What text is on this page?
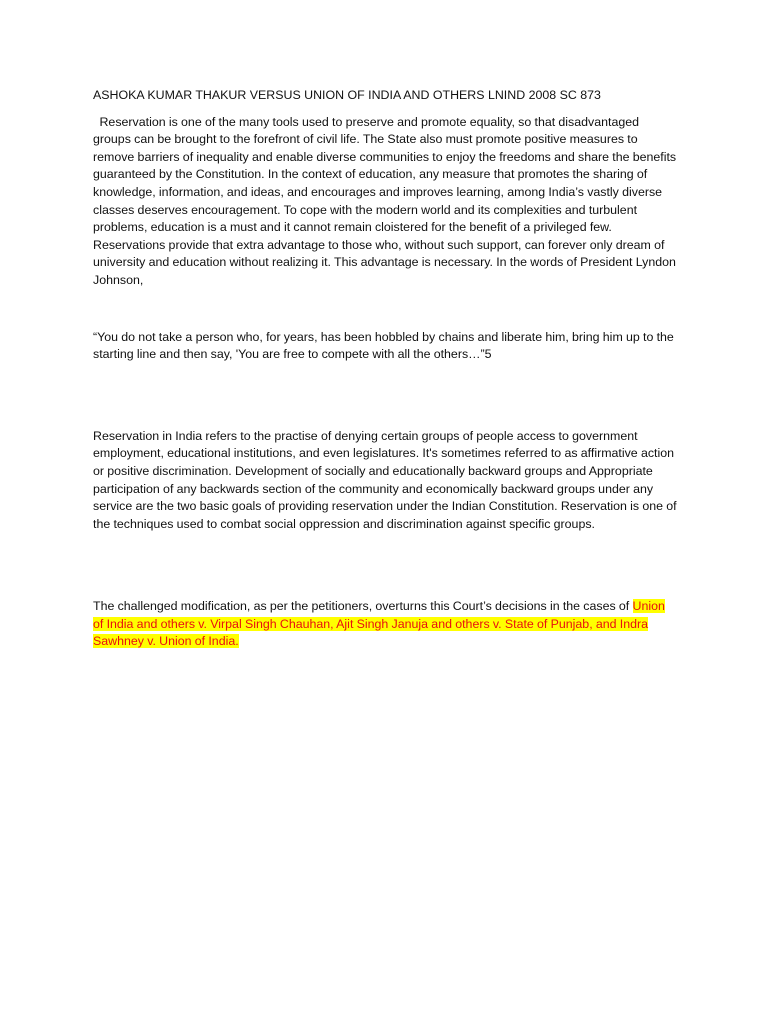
ASHOKA KUMAR THAKUR VERSUS UNION OF INDIA AND OTHERS LNIND 2008 SC 873

Reservation is one of the many tools used to preserve and promote equality, so that disadvantaged groups can be brought to the forefront of civil life. The State also must promote positive measures to remove barriers of inequality and enable diverse communities to enjoy the freedoms and share the benefits guaranteed by the Constitution. In the context of education, any measure that promotes the sharing of knowledge, information, and ideas, and encourages and improves learning, among India’s vastly diverse classes deserves encouragement. To cope with the modern world and its complexities and turbulent problems, education is a must and it cannot remain cloistered for the benefit of a privileged few. Reservations provide that extra advantage to those who, without such support, can forever only dream of university and education without realizing it. This advantage is necessary. In the words of President Lyndon Johnson,

“You do not take a person who, for years, has been hobbled by chains and liberate him, bring him up to the starting line and then say, 'You are free to compete with all the others…”5

Reservation in India refers to the practise of denying certain groups of people access to government employment, educational institutions, and even legislatures. It's sometimes referred to as affirmative action or positive discrimination. Development of socially and educationally backward groups and Appropriate participation of any backwards section of the community and economically backward groups under any service are the two basic goals of providing reservation under the Indian Constitution. Reservation is one of the techniques used to combat social oppression and discrimination against specific groups.

The challenged modification, as per the petitioners, overturns this Court’s decisions in the cases of Union of India and others v. Virpal Singh Chauhan, Ajit Singh Januja and others v. State of Punjab, and Indra Sawhney v. Union of India.
